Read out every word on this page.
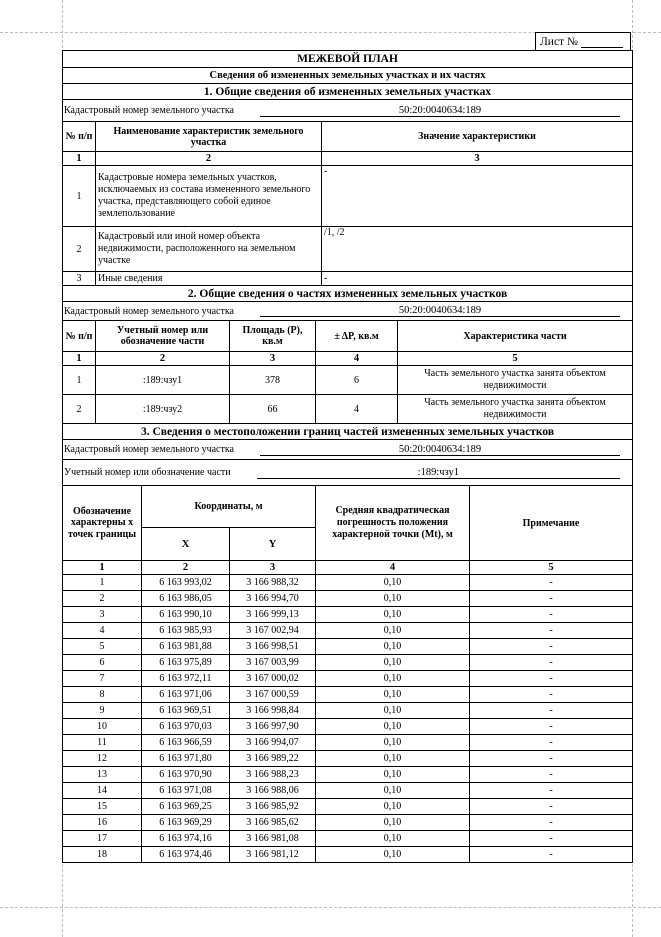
Лист №
МЕЖЕВОЙ ПЛАН		
Сведения об измененных земельных участках и их частях		
1. Общие сведения об измененных земельных участках		

Кадастровый номер земельного участка 50:20:0040634:189		

№ п/п	Наименование характеристик земельного участка	Значение характеристики
1	2	3
1	Кадастровые номера земельных участков, исключаемых из состава измененного земельного участка, представляющего собой единое землепользование	-
2	Кадастровый или иной номер объекта недвижимости, расположенного на земельном участке	/1, /2
3	Иные сведения	-
2. Общие сведения о частях измененных земельных участков				

Кадастровый номер земельного участка 50:20:0040634:189				

№ п/п	Учетный номер или обозначение части	Площадь (P), кв.м	± ΔP, кв.м	Характеристика части
1	2	3	4	5
1	:189:чзу1	378	6	Часть земельного участка занята объектом недвижимости
2	:189:чзу2	66	4	Часть земельного участка занята объектом недвижимости
3. Сведения о местоположении границ частей измененных земельных участков				

Кадастровый номер земельного участка 50:20:0040634:189				

Учетный номер или обозначение части :189:чзу1				

Обозначение характерны х точек границы	Координаты, м		Средняя квадратическая погрешность положения характерной точки (Mt), м	Примечание
	X	Y		
1	2	3	4	5
1	6 163 993,02	3 166 988,32	0,10	-
2	6 163 986,05	3 166 994,70	0,10	-
3	6 163 990,10	3 166 999,13	0,10	-
4	6 163 985,93	3 167 002,94	0,10	-
5	6 163 981,88	3 166 998,51	0,10	-
6	6 163 975,89	3 167 003,99	0,10	-
7	6 163 972,11	3 167 000,02	0,10	-
8	6 163 971,06	3 167 000,59	0,10	-
9	6 163 969,51	3 166 998,84	0,10	-
10	6 163 970,03	3 166 997,90	0,10	-
11	6 163 966,59	3 166 994,07	0,10	-
12	6 163 971,80	3 166 989,22	0,10	-
13	6 163 970,90	3 166 988,23	0,10	-
14	6 163 971,08	3 166 988,06	0,10	-
15	6 163 969,25	3 166 985,92	0,10	-
16	6 163 969,29	3 166 985,62	0,10	-
17	6 163 974,16	3 166 981,08	0,10	-
18	6 163 974,46	3 166 981,12	0,10	-
